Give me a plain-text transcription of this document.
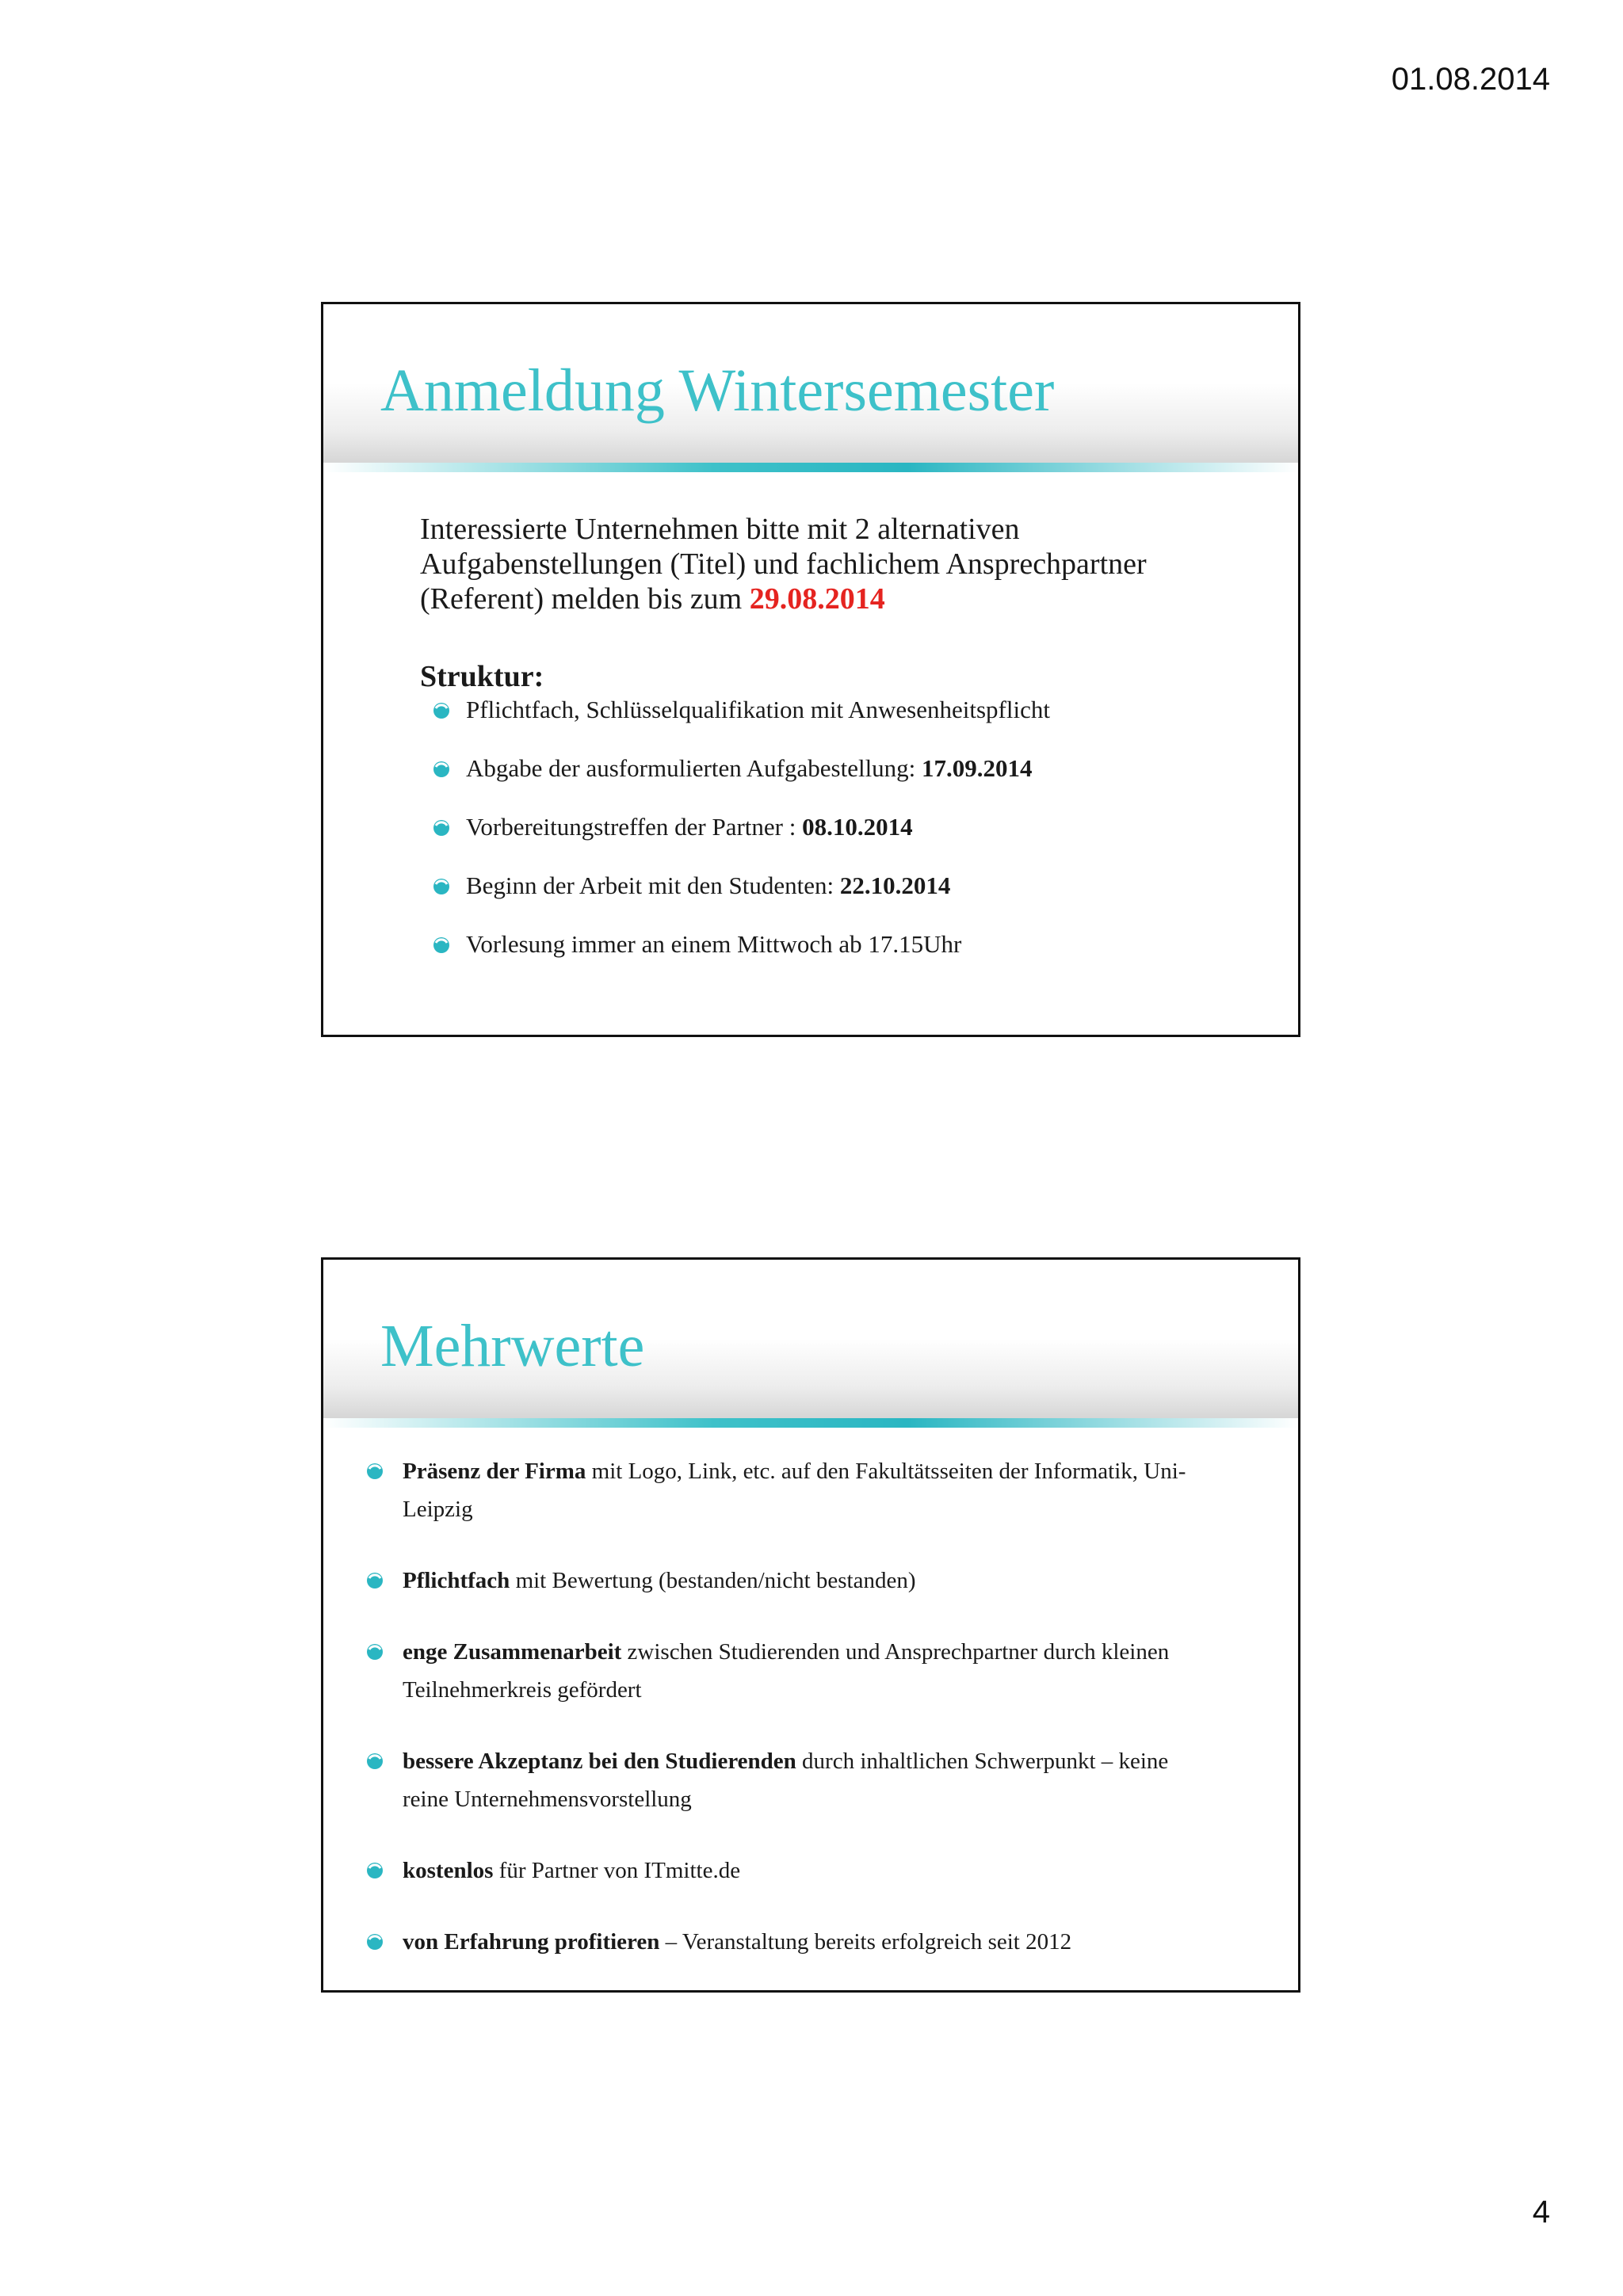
01.08.2014
Anmeldung Wintersemester

Interessierte Unternehmen bitte mit 2 alternativen
Aufgabenstellungen (Titel) und fachlichem Ansprechpartner
(Referent) melden bis zum 29.08.2014

Struktur:
Pflichtfach, Schlüsselqualifikation mit Anwesenheitspflicht
Abgabe der ausformulierten Aufgabestellung: 17.09.2014
Vorbereitungstreffen der Partner : 08.10.2014
Beginn der Arbeit mit den Studenten: 22.10.2014
Vorlesung immer an einem Mittwoch ab 17.15Uhr
Mehrwerte
Präsenz der Firma mit Logo, Link, etc. auf den Fakultätsseiten der Informatik, Uni-
Leipzig
Pflichtfach mit Bewertung (bestanden/nicht bestanden)
enge Zusammenarbeit zwischen Studierenden und Ansprechpartner durch kleinen
Teilnehmerkreis gefördert
bessere Akzeptanz bei den Studierenden durch inhaltlichen Schwerpunkt – keine
reine Unternehmensvorstellung
kostenlos für Partner von ITmitte.de
von Erfahrung profitieren – Veranstaltung bereits erfolgreich seit 2012
4
